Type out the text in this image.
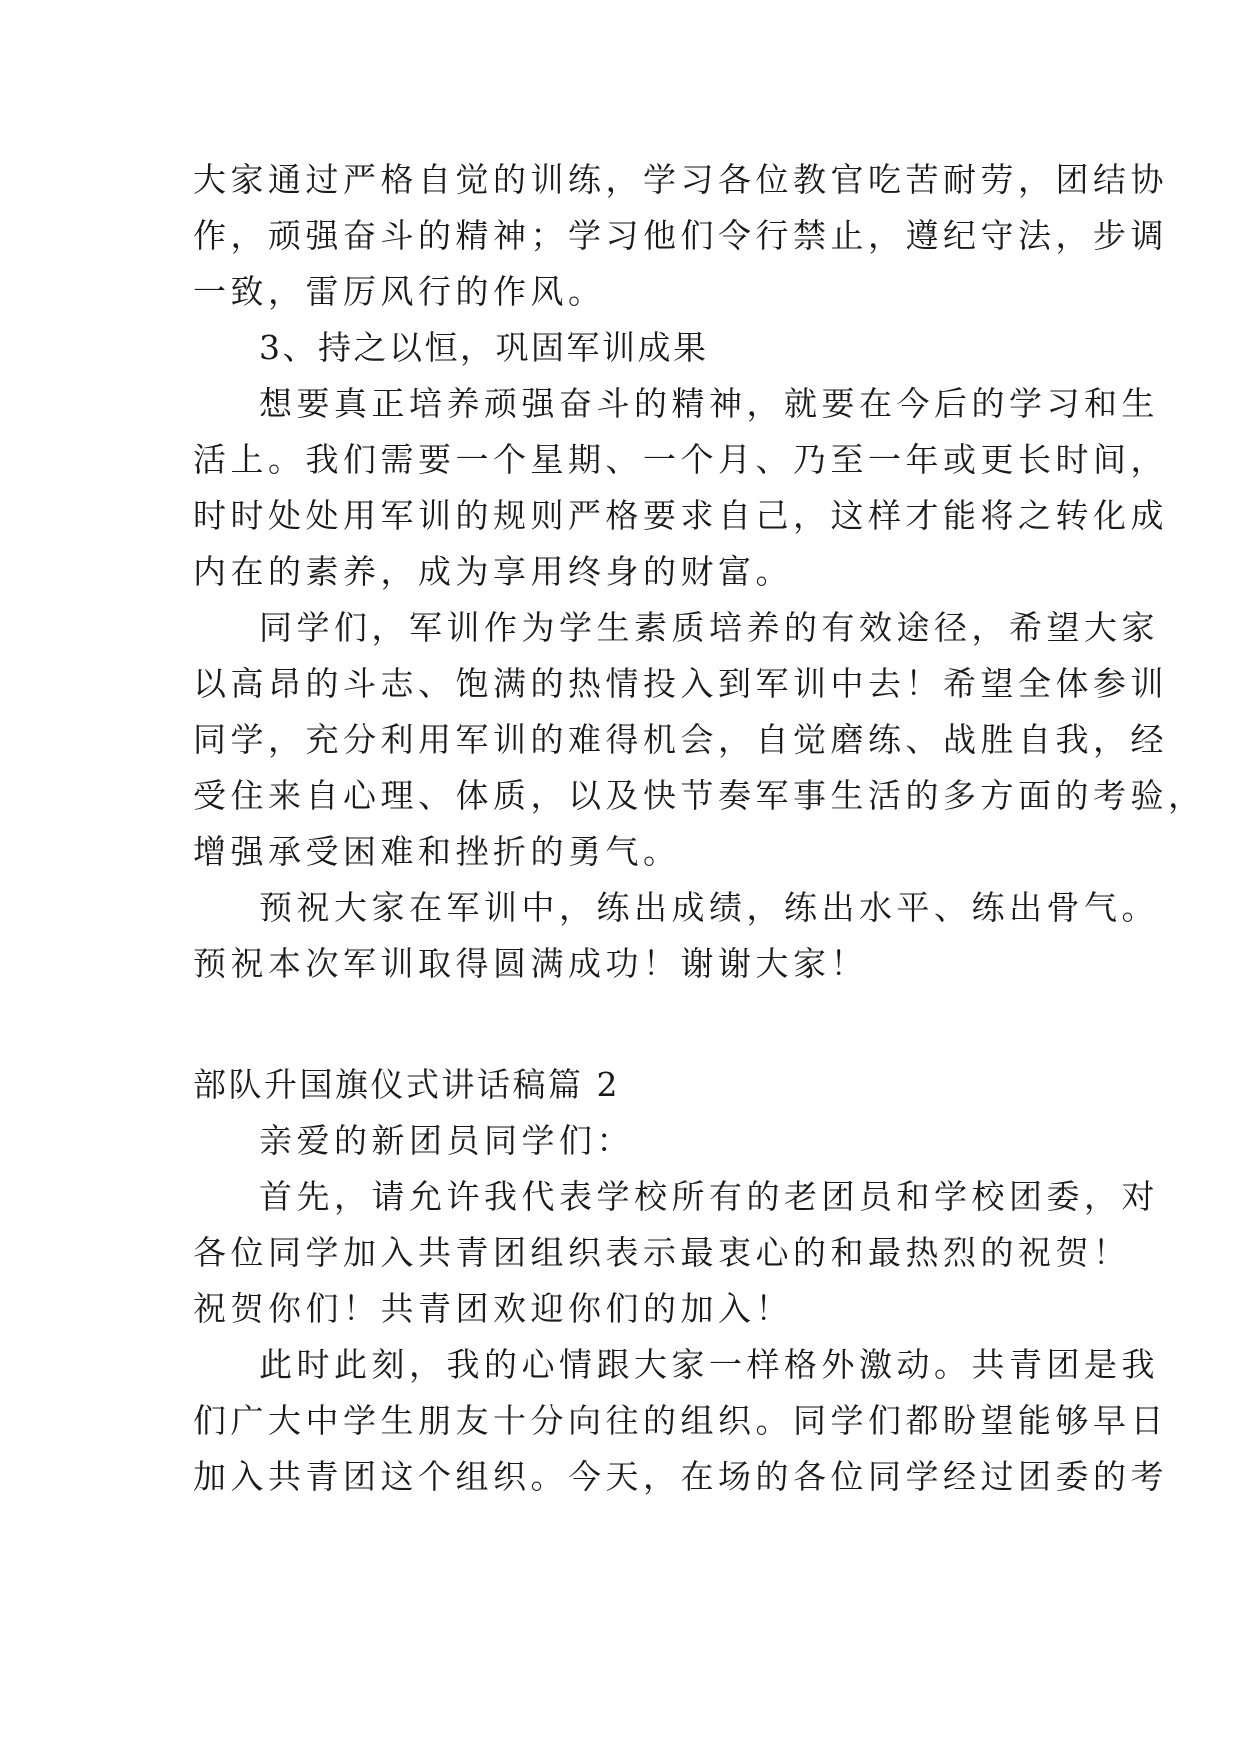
大家通过严格自觉的训练，学习各位教官吃苦耐劳，团结协
作，顽强奋斗的精神；学习他们令行禁止，遵纪守法，步调
一致，雷厉风行的作风。
3、持之以恒，巩固军训成果
想要真正培养顽强奋斗的精神，就要在今后的学习和生
活上。我们需要一个星期、一个月、乃至一年或更长时间，
时时处处用军训的规则严格要求自己，这样才能将之转化成
内在的素养，成为享用终身的财富。
同学们，军训作为学生素质培养的有效途径，希望大家
以高昂的斗志、饱满的热情投入到军训中去！希望全体参训
同学，充分利用军训的难得机会，自觉磨练、战胜自我，经
受住来自心理、体质，以及快节奏军事生活的多方面的考验，
增强承受困难和挫折的勇气。
预祝大家在军训中，练出成绩，练出水平、练出骨气。
预祝本次军训取得圆满成功！谢谢大家！
部队升国旗仪式讲话稿篇 2
亲爱的新团员同学们：
首先，请允许我代表学校所有的老团员和学校团委，对
各位同学加入共青团组织表示最衷心的和最热烈的祝贺！
祝贺你们！共青团欢迎你们的加入！
此时此刻，我的心情跟大家一样格外激动。共青团是我
们广大中学生朋友十分向往的组织。同学们都盼望能够早日
加入共青团这个组织。今天，在场的各位同学经过团委的考
